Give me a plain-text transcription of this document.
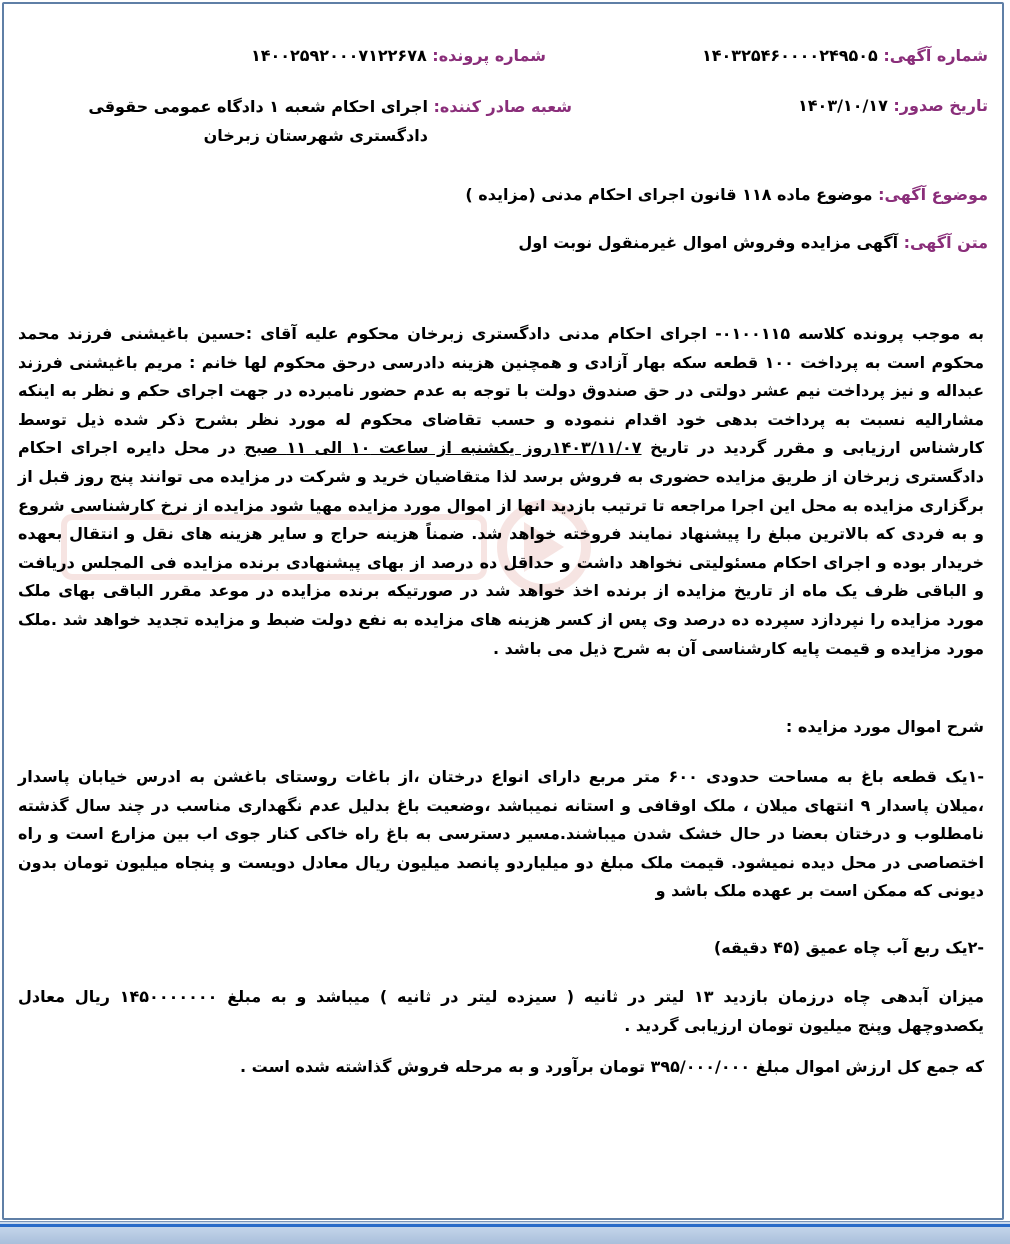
شماره آگهی: ۱۴۰۳۲۵۴۶۰۰۰۰۲۴۹۵۰۵
شماره پرونده: ۱۴۰۰۲۵۹۲۰۰۰۷۱۲۲۶۷۸
تاریخ صدور: ۱۴۰۳/۱۰/۱۷
شعبه صادر کننده: اجرای احکام شعبه ۱ دادگاه عمومی حقوقی دادگستری شهرستان زبرخان
موضوع آگهی: موضوع ماده ۱۱۸ قانون اجرای احکام مدنی (مزایده )
متن آگهی: آگهی مزایده وفروش اموال غیرمنقول نوبت اول
به موجب پرونده کلاسه ۰۱۰۰۱۱۵- اجرای احکام مدنی دادگستری زبرخان محکوم علیه آقای :حسین باغیشنی فرزند محمد محکوم است به پرداخت ۱۰۰ قطعه سکه بهار آزادی و همچنین هزینه دادرسی درحق محکوم لها خانم : مریم باغیشنی فرزند عبداله و نیز پرداخت نیم عشر دولتی در حق صندوق دولت با توجه به عدم حضور نامبرده در جهت اجرای حکم و نظر به اینکه مشارالیه نسبت به پرداخت بدهی خود اقدام ننموده و حسب تقاضای محکوم له مورد نظر بشرح ذکر شده ذیل توسط کارشناس ارزیابی و مقرر گردید در تاریخ ۱۴۰۳/۱۱/۰۷روز یکشنبه از ساعت ۱۰ الی ۱۱ صبح در محل دایره اجرای احکام دادگستری زبرخان از طریق مزایده حضوری به فروش برسد لذا متقاضیان خرید و شرکت در مزایده می توانند پنج روز قبل از برگزاری مزایده به محل این اجرا مراجعه تا ترتیب بازدید انها از اموال مورد مزایده مهیا شود مزایده از نرخ کارشناسی شروع و به فردی که بالاترین مبلغ را پیشنهاد نمایند فروخته خواهد شد. ضمناً هزینه حراج و سایر هزینه های نقل و انتقال بعهده خریدار بوده و اجرای احکام مسئولیتی نخواهد داشت و حداقل ده درصد از بهای پیشنهادی برنده مزایده فی المجلس دریافت و الباقی ظرف یک ماه از تاریخ مزایده از برنده اخذ خواهد شد در صورتیکه برنده مزایده در موعد مقرر الباقی بهای ملک مورد مزایده را نپردازد سپرده ده درصد وی پس از کسر هزینه های مزایده به نفع دولت ضبط و مزایده تجدید خواهد شد .ملک مورد مزایده و قیمت پایه کارشناسی آن به شرح ذیل می باشد .
شرح اموال مورد مزایده :
-۱یک قطعه باغ به مساحت حدودی ۶۰۰ متر مربع دارای انواع درختان ،از باغات روستای باغشن به ادرس خیابان پاسدار ،میلان پاسدار ۹ انتهای میلان ، ملک اوقافی و استانه نمیباشد ،وضعیت باغ بدلیل عدم نگهداری مناسب در چند سال گذشته نامطلوب و درختان بعضا در حال خشک شدن میباشند.مسیر دسترسی به باغ راه خاکی کنار جوی اب بین مزارع است و راه اختصاصی در محل دیده نمیشود. قیمت ملک مبلغ دو میلیاردو پانصد میلیون ریال معادل دویست و پنجاه میلیون تومان بدون دیونی که ممکن است بر عهده ملک باشد و
-۲یک ربع آب چاه عمیق (۴۵ دقیقه)
میزان آبدهی چاه درزمان بازدید ۱۳ لیتر در ثانیه ( سیزده لیتر در ثانیه ) میباشد و به مبلغ ۱۴۵۰۰۰۰۰۰۰ ریال معادل یکصدوچهل وپنج میلیون تومان ارزیابی گردید .
که جمع کل ارزش اموال مبلغ ۳۹۵/۰۰۰/۰۰۰ تومان برآورد و به مرحله فروش گذاشته شده است .
